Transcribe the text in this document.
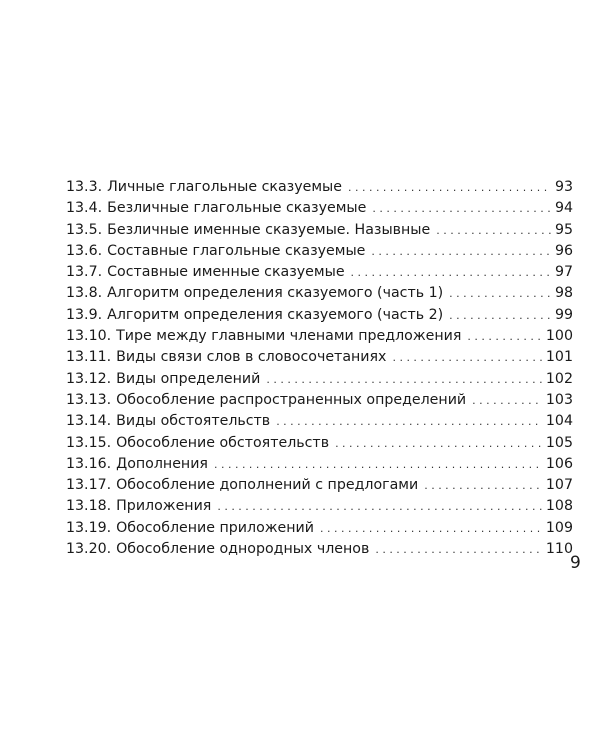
13.3. Личные глагольные сказуемые . . .	93
13.4. Безличные глагольные сказуемые . . .	94
13.5. Безличные именные сказуемые. Назывные . . .	95
13.6. Составные глагольные сказуемые . . .	96
13.7. Составные именные сказуемые . . .	97
13.8. Алгоритм определения сказуемого (часть 1) . . .	98
13.9. Алгоритм определения сказуемого (часть 2) . . .	99
13.10. Тире между главными членами предложения . . .	100
13.11. Виды связи слов в словосочетаниях . . .	101
13.12. Виды определений . . .	102
13.13. Обособление распространенных определений . . .	103
13.14. Виды обстоятельств . . .	104
13.15. Обособление обстоятельств . . .	105
13.16. Дополнения . . .	106
13.17. Обособление дополнений с предлогами . . .	107
13.18. Приложения . . .	108
13.19. Обособление приложений . . .	109
13.20. Обособление однородных членов . . .	110
9
